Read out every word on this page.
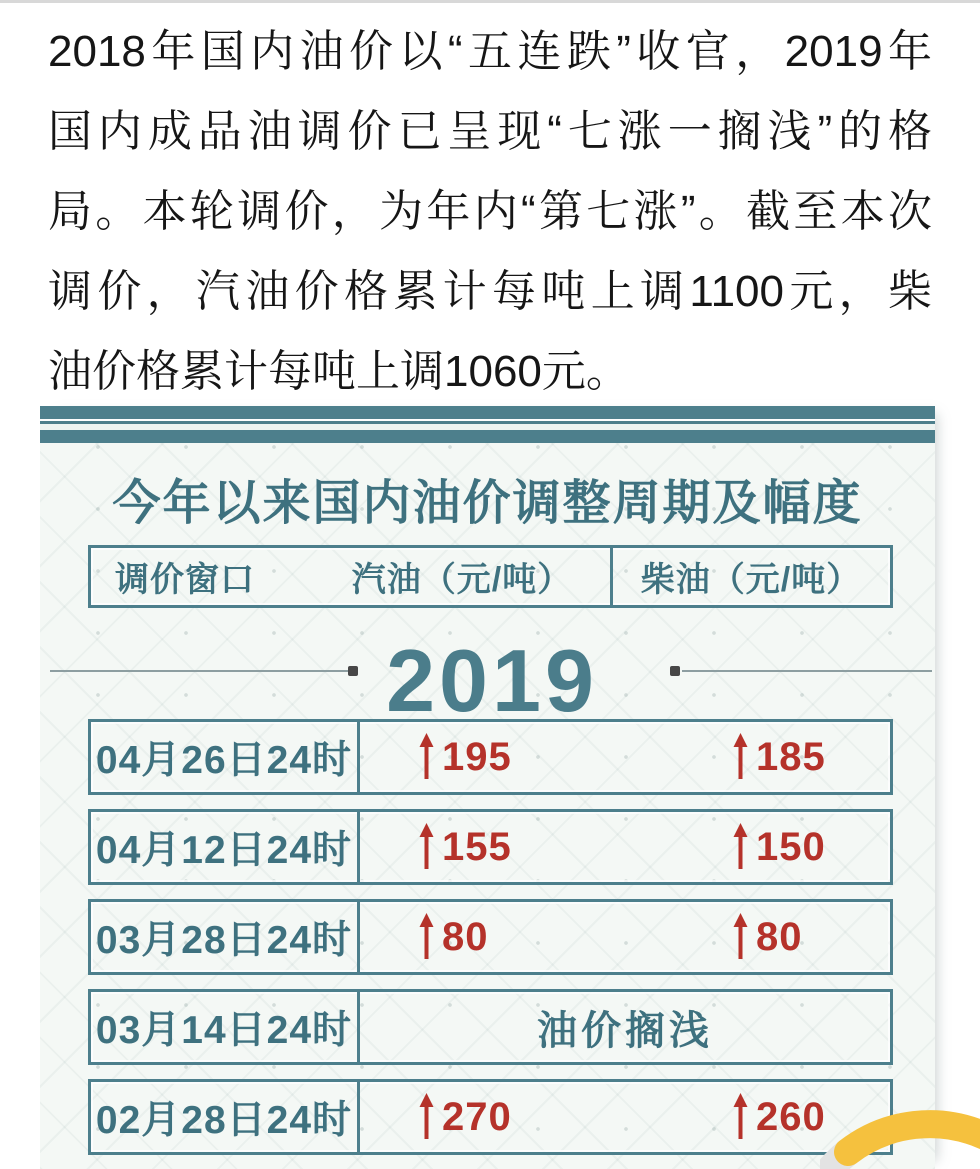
2018年国内油价以“五连跌”收官，2019年
国内成品油调价已呈现“七涨一搁浅”的格
局。本轮调价，为年内“第七涨”。截至本次
调价，汽油价格累计每吨上调1100元，柴
油价格累计每吨上调1060元。
今年以来国内油价调整周期及幅度
调价窗口	汽油（元/吨） 柴油（元/吨）
2019
04月26日24时 195	185
04月12日24时 155	150
03月28日24时 80	80
03月14日24时	油价搁浅
02月28日24时 270	260
